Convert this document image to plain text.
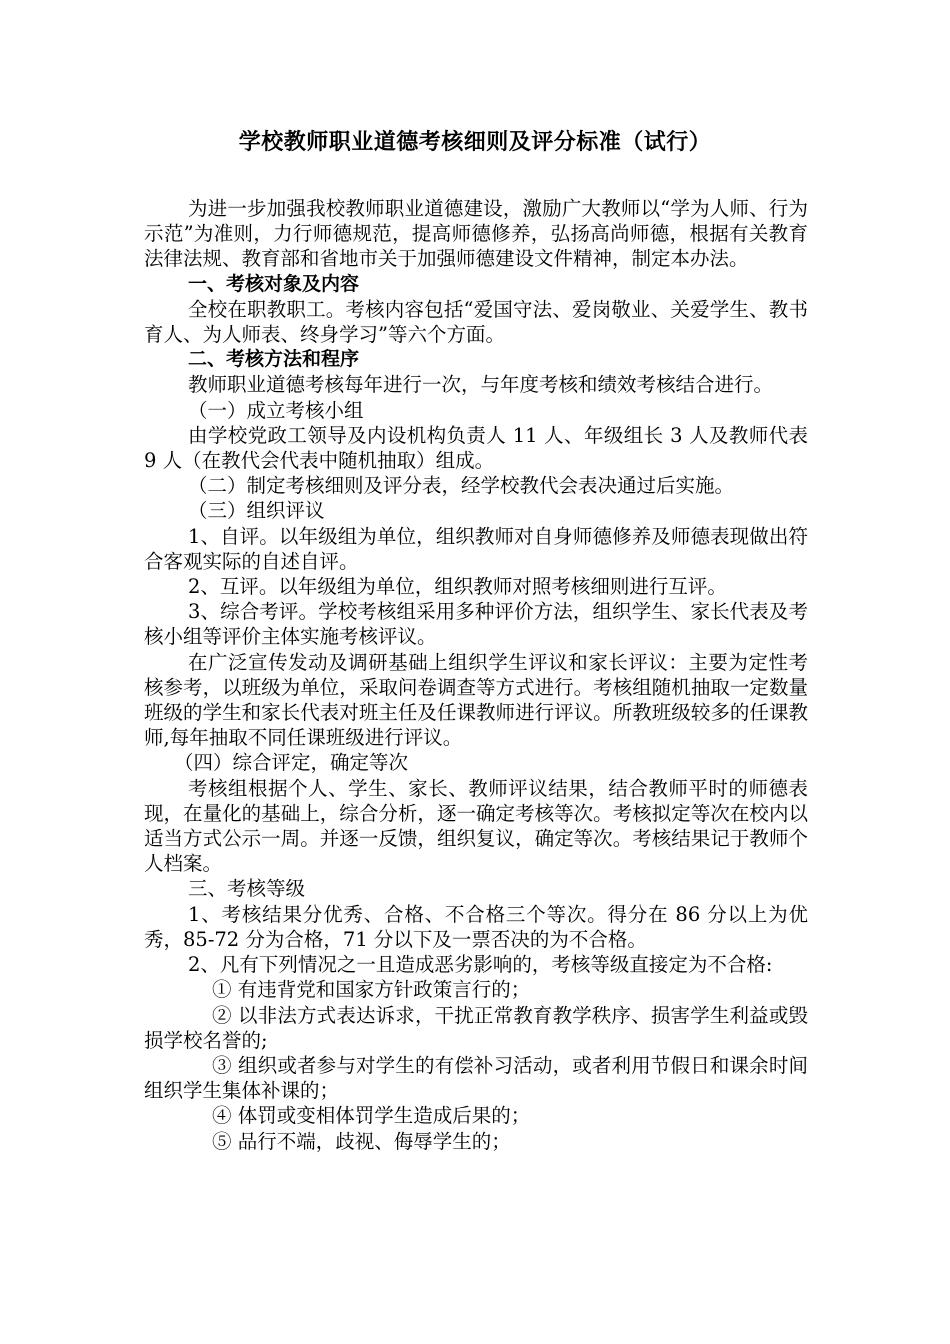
学校教师职业道德考核细则及评分标准（试行）

为进一步加强我校教师职业道德建设，激励广大教师以“学为人师、行为示范”为准则，力行师德规范，提高师德修养，弘扬高尚师德，根据有关教育法律法规、教育部和省地市关于加强师德建设文件精神，制定本办法。

一、考核对象及内容

全校在职教职工。考核内容包括“爱国守法、爱岗敬业、关爱学生、教书育人、为人师表、终身学习”等六个方面。

二、考核方法和程序

教师职业道德考核每年进行一次，与年度考核和绩效考核结合进行。

（一）成立考核小组

由学校党政工领导及内设机构负责人 11 人、年级组长 3 人及教师代表 9 人（在教代会代表中随机抽取）组成。

（二）制定考核细则及评分表，经学校教代会表决通过后实施。

（三）组织评议

1、自评。以年级组为单位，组织教师对自身师德修养及师德表现做出符合客观实际的自述自评。

2、互评。以年级组为单位，组织教师对照考核细则进行互评。

3、综合考评。学校考核组采用多种评价方法，组织学生、家长代表及考核小组等评价主体实施考核评议。

在广泛宣传发动及调研基础上组织学生评议和家长评议：主要为定性考核参考，以班级为单位，采取问卷调查等方式进行。考核组随机抽取一定数量班级的学生和家长代表对班主任及任课教师进行评议。所教班级较多的任课教师,每年抽取不同任课班级进行评议。

（四）综合评定，确定等次

考核组根据个人、学生、家长、教师评议结果，结合教师平时的师德表现，在量化的基础上，综合分析，逐一确定考核等次。考核拟定等次在校内以适当方式公示一周。并逐一反馈，组织复议，确定等次。考核结果记于教师个人档案。

三、考核等级

1、考核结果分优秀、合格、不合格三个等次。得分在 86 分以上为优秀，85-72 分为合格，71 分以下及一票否决的为不合格。

2、凡有下列情况之一且造成恶劣影响的，考核等级直接定为不合格:

① 有违背党和国家方针政策言行的；

② 以非法方式表达诉求，干扰正常教育教学秩序、损害学生利益或毁损学校名誉的;

③ 组织或者参与对学生的有偿补习活动，或者利用节假日和课余时间组织学生集体补课的；

④ 体罚或变相体罚学生造成后果的；

⑤ 品行不端，歧视、侮辱学生的；
